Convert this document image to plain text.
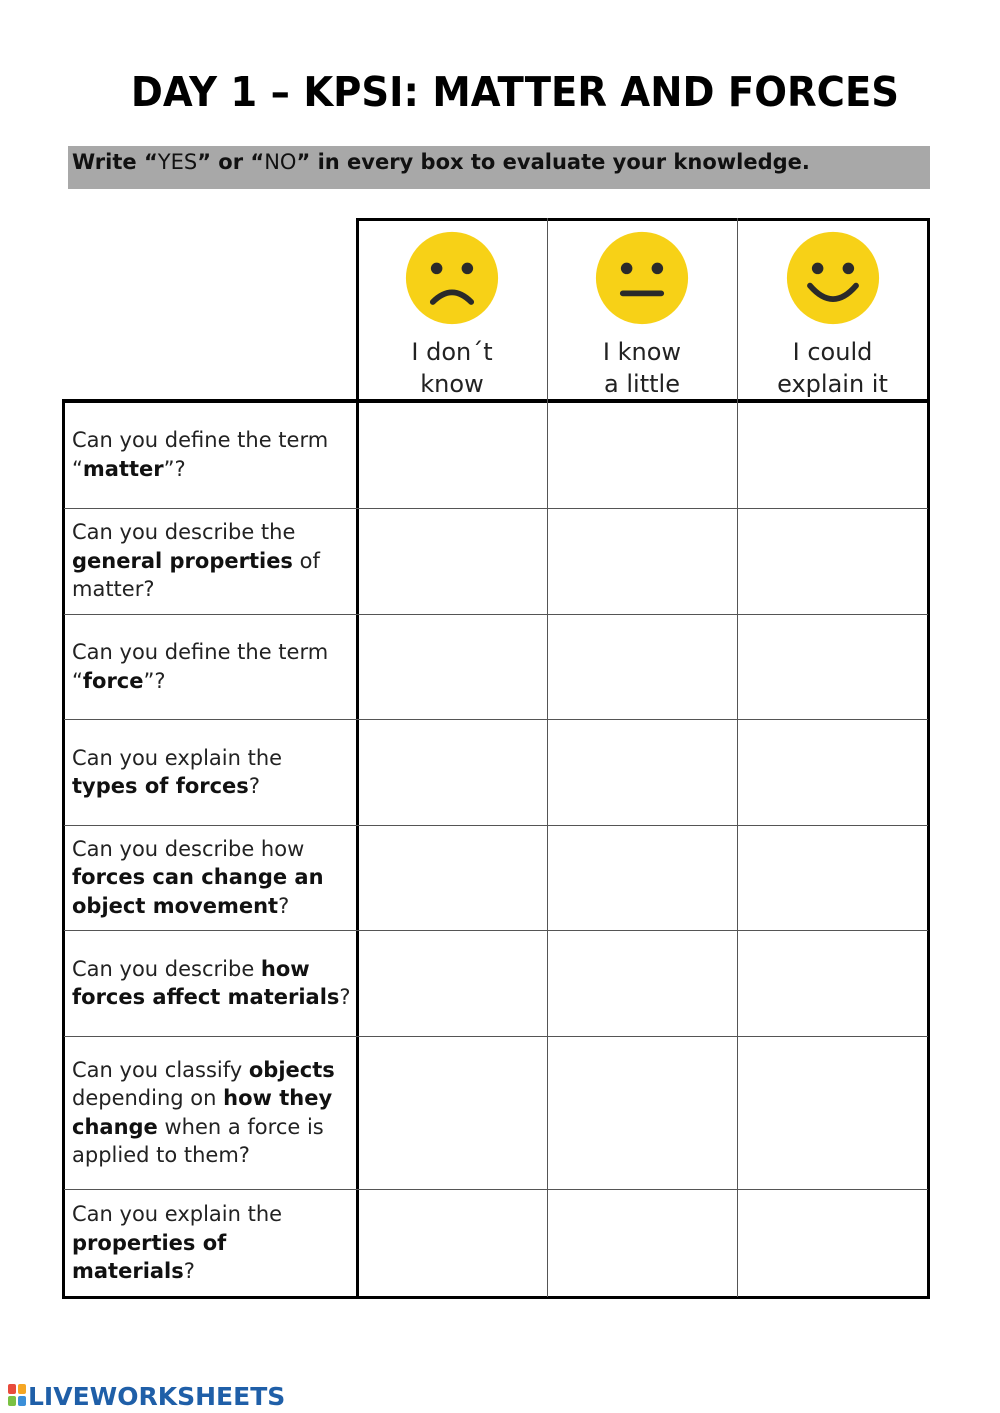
DAY 1 – KPSI: MATTER AND FORCES
Write “YES” or “NO” in every box to evaluate your knowledge.
I don´t
know
I know
a little
I could
explain it
Can you define the term “matter”?
Can you describe the general properties of matter?
Can you define the term “force”?
Can you explain the types of forces?
Can you describe how forces can change an object movement?
Can you describe how forces affect materials?
Can you classify objects depending on how they change when a force is applied to them?
Can you explain the properties of materials?
LIVEWORKSHEETS
